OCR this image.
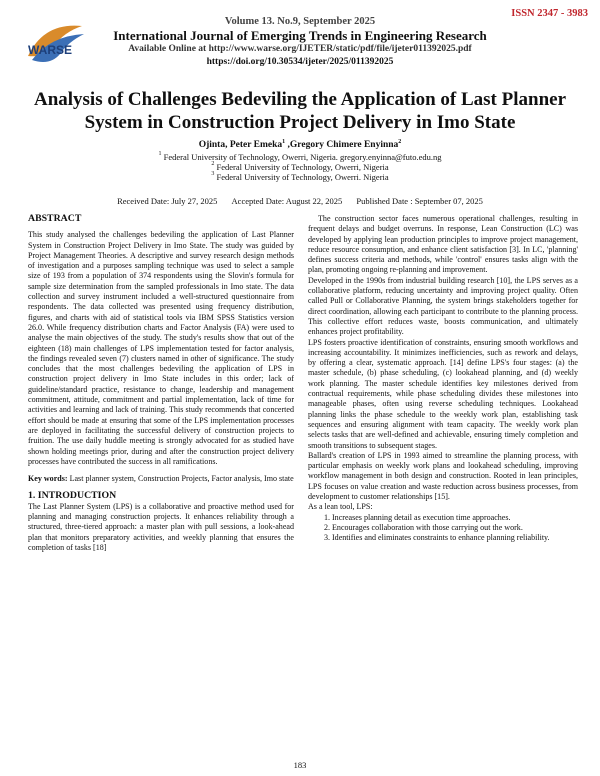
ISSN 2347 - 3983
WARSE
Volume 13. No.9, September 2025
International Journal of Emerging Trends in Engineering Research
Available Online at http://www.warse.org/IJETER/static/pdf/file/ijeter011392025.pdf
https://doi.org/10.30534/ijeter/2025/011392025
Analysis of Challenges Bedeviling the Application of Last Planner System in Construction Project Delivery in Imo State
Ojinta, Peter Emeka$^1$ ,Gregory Chimere Enyinna$^2$
$^1$ Federal University of Technology, Owerri, Nigeria. gregory.enyinna@futo.edu.ng
$^2$ Federal University of Technology, Owerri, Nigeria
$^3$ Federal University of Technology, Owerri. Nigeria
Received Date: July 27, 2025 Accepted Date: August 22, 2025 Published Date : September 07, 2025
ABSTRACT

This study analysed the challenges bedeviling the application of Last Planner System in Construction Project Delivery in Imo State. The study was guided by Project Management Theories. A descriptive and survey research design methods of investigation and a purposes sampling technique was used to select a sample size of 193 from a population of 374 respondents using the Slovin's formula for sample size determination from the sampled professionals in Imo state. The data collection and survey instrument included a well-structured questionnaire from respondents. The data collected was presented using frequency distribution, figures, and charts with aid of statistical tools via IBM SPSS Statistics version 26.0. While frequency distribution charts and Factor Analysis (FA) were used to analyse the main objectives of the study. The study's results show that out of the eighteen (18) main challenges of LPS implementation tested for factor analysis, the findings revealed seven (7) clusters named in other of significance. The study concludes that the most challenges bedeviling the application of LPS in construction project delivery in Imo State includes in this order; lack of guideline/standard practice, resistance to change, leadership and management commitment, attitude, commitment and partial implementation, lack of time for activities and learning and lack of training. This study recommends that concerted effort should be made at ensuring that some of the LPS implementation processes are deployed in facilitating the successful delivery of construction projects to fruition. The use daily huddle meeting is strongly advocated for as studied have shown holding meetings prior, during and after the construction project delivery processes have contributed the success in all ramifications.

Key words: Last planner system, Construction Projects, Factor analysis, Imo state

1. INTRODUCTION

The Last Planner System (LPS) is a collaborative and proactive method used for planning and managing construction projects. It enhances reliability through a structured, three-tiered approach: a master plan with pull sessions, a look-ahead plan that monitors preparatory activities, and weekly planning that ensures the completion of tasks [18]

The construction sector faces numerous operational challenges, resulting in frequent delays and budget overruns. In response, Lean Construction (LC) was developed by applying lean production principles to improve project management, reduce resource consumption, and enhance client satisfaction [3]. In LC, 'planning' defines success criteria and methods, while 'control' ensures tasks align with the plan, promoting ongoing re-planning and improvement.

Developed in the 1990s from industrial building research [10], the LPS serves as a collaborative platform, reducing uncertainty and improving project quality. Often called Pull or Collaborative Planning, the system brings stakeholders together for direct coordination, allowing each participant to contribute to the planning process. This collective effort reduces waste, boosts communication, and ultimately enhances project profitability.

LPS fosters proactive identification of constraints, ensuring smooth workflows and increasing accountability. It minimizes inefficiencies, such as rework and delays, by offering a clear, systematic approach. [14] define LPS's four stages: (a) the master schedule, (b) phase scheduling, (c) lookahead planning, and (d) weekly work planning. The master schedule identifies key milestones derived from contractual requirements, while phase scheduling divides these milestones into manageable phases, often using reverse scheduling techniques. Lookahead planning links the phase schedule to the weekly work plan, establishing task sequences and ensuring alignment with team capacity. The weekly work plan selects tasks that are well-defined and achievable, ensuring timely completion and smooth transitions to subsequent stages.

Ballard's creation of LPS in 1993 aimed to streamline the planning process, with particular emphasis on weekly work plans and lookahead scheduling, improving workflow management in both design and construction. Rooted in lean principles, LPS focuses on value creation and waste reduction across business processes, from development to customer relationships [15].

As a lean tool, LPS:

1. Increases planning detail as execution time approaches.
2. Encourages collaboration with those carrying out the work.
3. Identifies and eliminates constraints to enhance planning reliability.
183
